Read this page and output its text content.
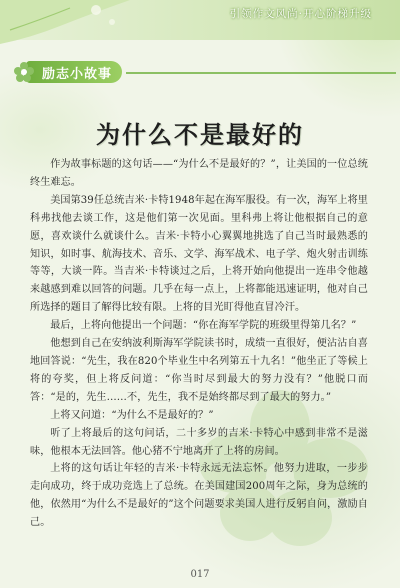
引领作文风尚·开心阶梯升级
励志小故事
为什么不是最好的

作为故事标题的这句话——“为什么不是最好的？”，让美国的一位总统终生难忘。

美国第39任总统吉米·卡特1948年起在海军服役。有一次，海军上将里科弗找他去谈工作，这是他们第一次见面。里科弗上将让他根据自己的意愿，喜欢谈什么就谈什么。吉米·卡特小心翼翼地挑选了自己当时最熟悉的知识，如时事、航海技术、音乐、文学、海军战术、电子学、炮火射击训练等等，大谈一阵。当吉米·卡特谈过之后，上将开始向他提出一连串令他越来越感到难以回答的问题。几乎在每一点上，上将都能迅速证明，他对自己所选择的题目了解得比较有限。上将的目光盯得他直冒冷汗。

最后，上将向他提出一个问题：“你在海军学院的班级里得第几名？”

他想到自己在安纳波利斯海军学院读书时，成绩一直很好，便沾沾自喜地回答说：“先生，我在820个毕业生中名列第五十九名！”他坐正了等候上将的夸奖，但上将反问道：“你当时尽到最大的努力没有？”他脱口而答：“是的，先生……不，先生，我不是始终都尽到了最大的努力。”

上将又问道：“为什么不是最好的？”

听了上将最后的这句问话，二十多岁的吉米·卡特心中感到非常不是滋味，他根本无法回答。他心猪不宁地离开了上将的房间。

上将的这句话让年轻的吉米·卡特永远无法忘怀。他努力进取，一步步走向成功，终于成功竞选上了总统。在美国建国200周年之际，身为总统的他，依然用“为什么不是最好的”这个问题要求美国人进行反躬自问，激励自己。

017
